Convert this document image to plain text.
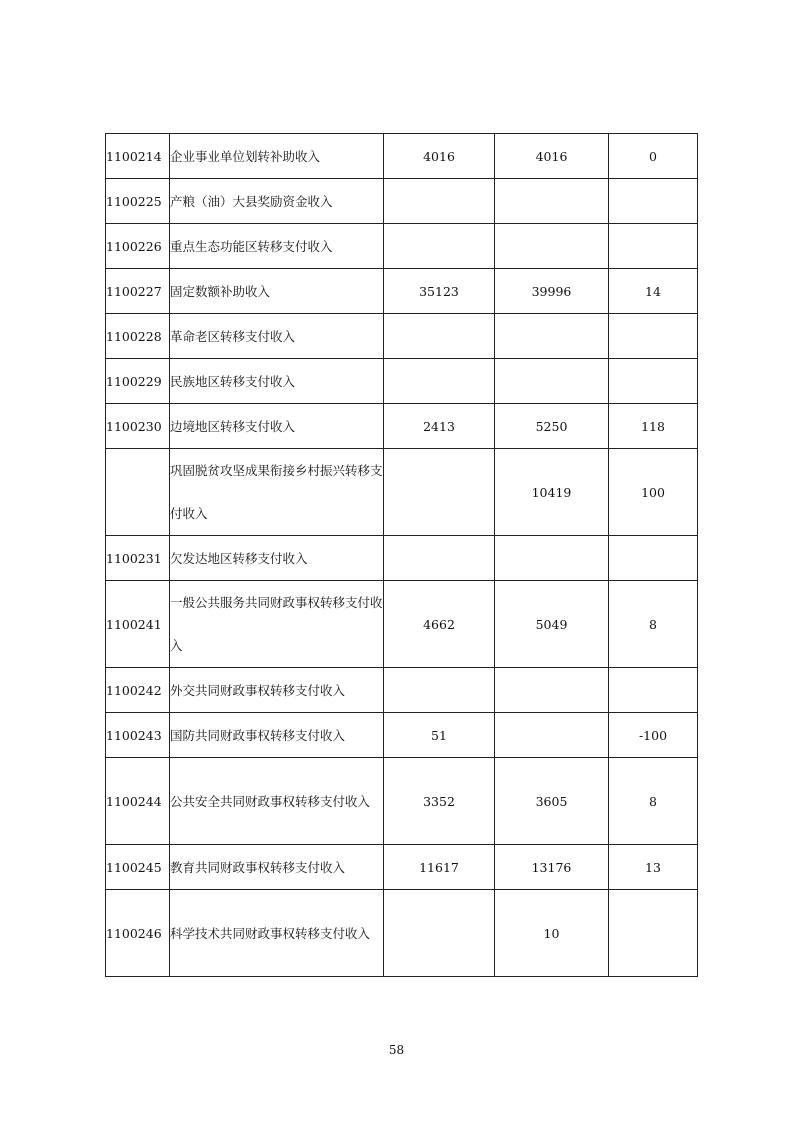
1100214	企业事业单位划转补助收入	4016	4016	0
1100225	产粮（油）大县奖励资金收入			
1100226	重点生态功能区转移支付收入			
1100227	固定数额补助收入	35123	39996	14
1100228	革命老区转移支付收入			
1100229	民族地区转移支付收入			
1100230	边境地区转移支付收入	2413	5250	118
	巩固脱贫攻坚成果衔接乡村振兴转移支付收入		10419	100
1100231	欠发达地区转移支付收入			
1100241	一般公共服务共同财政事权转移支付收入	4662	5049	8
1100242	外交共同财政事权转移支付收入			
1100243	国防共同财政事权转移支付收入	51		-100
1100244	公共安全共同财政事权转移支付收入	3352	3605	8
1100245	教育共同财政事权转移支付收入	11617	13176	13
1100246	科学技术共同财政事权转移支付收入		10	
58
